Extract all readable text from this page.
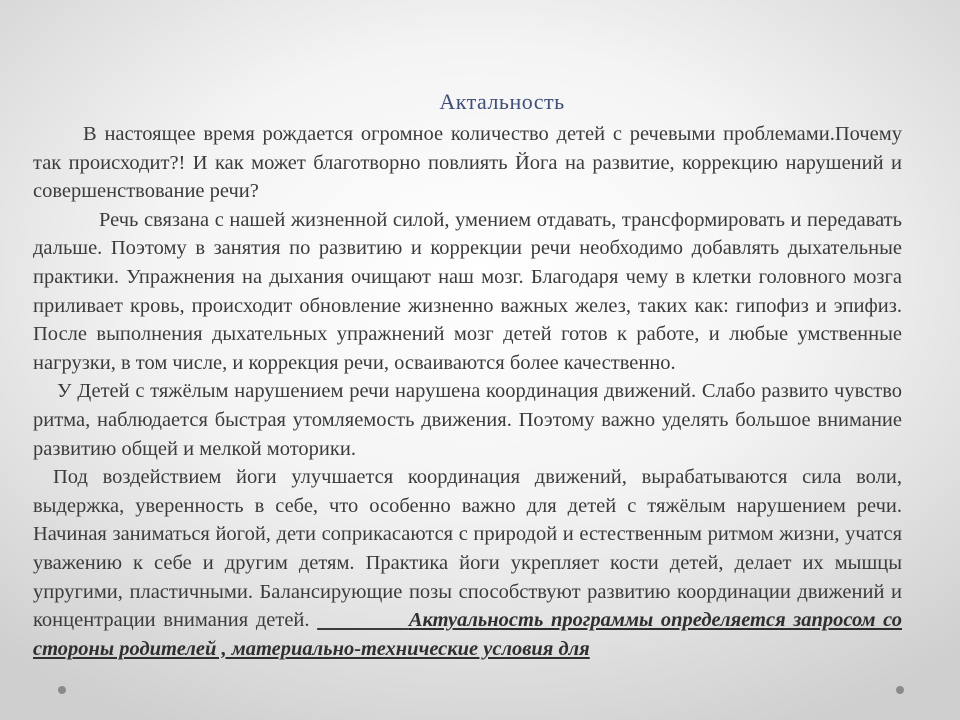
Актальность

В настоящее время рождается огромное количество детей с речевыми проблемами.Почему так происходит?! И как может благотворно повлиять Йога на развитие, коррекцию нарушений и совершенствование речи?

Речь связана с нашей жизненной силой, умением отдавать, трансформировать и передавать дальше. Поэтому в занятия по развитию и коррекции речи необходимо добавлять дыхательные практики. Упражнения на дыхания очищают наш мозг. Благодаря чему в клетки головного мозга приливает кровь, происходит обновление жизненно важных желез, таких как: гипофиз и эпифиз. После выполнения дыхательных упражнений мозг детей готов к работе, и любые умственные нагрузки, в том числе, и коррекция речи, осваиваются более качественно.

У Детей с тяжёлым нарушением речи нарушена координация движений. Слабо развито чувство ритма, наблюдается быстрая утомляемость движения. Поэтому важно уделять большое внимание развитию общей и мелкой моторики.

Под воздействием йоги улучшается координация движений, вырабатываются сила воли, выдержка, уверенность в себе, что особенно важно для детей с тяжёлым нарушением речи. Начиная заниматься йогой, дети соприкасаются с природой и естественным ритмом жизни, учатся уважению к себе и другим детям. Практика йоги укрепляет кости детей, делает их мышцы упругими, пластичными. Балансирующие позы способствуют развитию координации движений и концентрации внимания детей.	Актуальность программы определяется запросом со стороны родителей , материально-технические условия для
